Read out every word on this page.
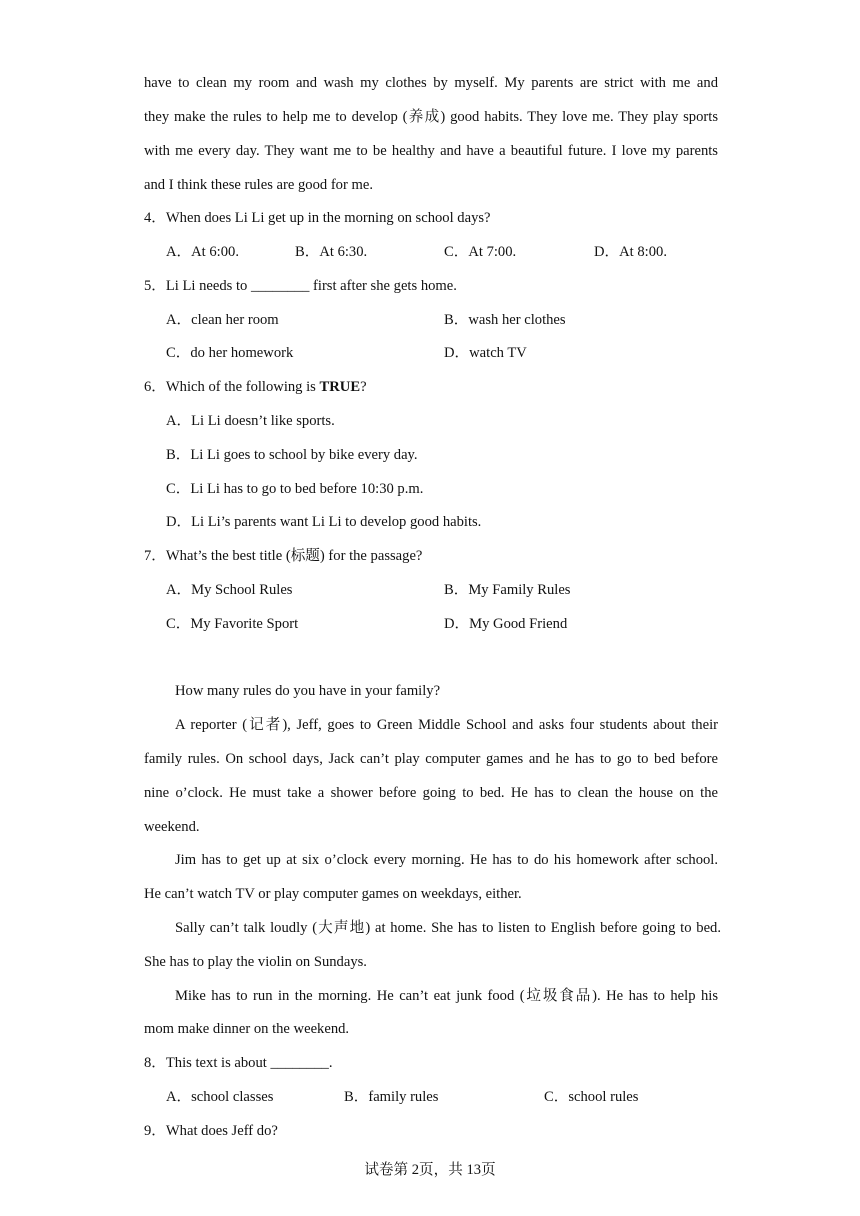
have to clean my room and wash my clothes by myself. My parents are strict with me and
they make the rules to help me to develop (养成) good habits. They love me. They play sports
with me every day. They want me to be healthy and have a beautiful future. I love my parents
and I think these rules are good for me.
4．When does Li Li get up in the morning on school days?
A．At 6:00.	B．At 6:30.	C．At 7:00.	D．At 8:00.
5．Li Li needs to ________ first after she gets home.
A．clean her room	B．wash her clothes
C．do her homework	D．watch TV
6．Which of the following is TRUE?
A．Li Li doesn’t like sports.
B．Li Li goes to school by bike every day.
C．Li Li has to go to bed before 10:30 p.m.
D．Li Li’s parents want Li Li to develop good habits.
7．What’s the best title (标题) for the passage?
A．My School Rules	B．My Family Rules
C．My Favorite Sport	D．My Good Friend
How many rules do you have in your family?
A reporter (记者), Jeff, goes to Green Middle School and asks four students about their
family rules. On school days, Jack can’t play computer games and he has to go to bed before
nine o’clock. He must take a shower before going to bed. He has to clean the house on the
weekend.
Jim has to get up at six o’clock every morning. He has to do his homework after school.
He can’t watch TV or play computer games on weekdays, either.
Sally can’t talk loudly (大声地) at home. She has to listen to English before going to bed.
She has to play the violin on Sundays.
Mike has to run in the morning. He can’t eat junk food (垃圾食品). He has to help his
mom make dinner on the weekend.
8．This text is about ________.
A．school classes	B．family rules	C．school rules
9．What does Jeff do?
试卷第 2页，共 13页
